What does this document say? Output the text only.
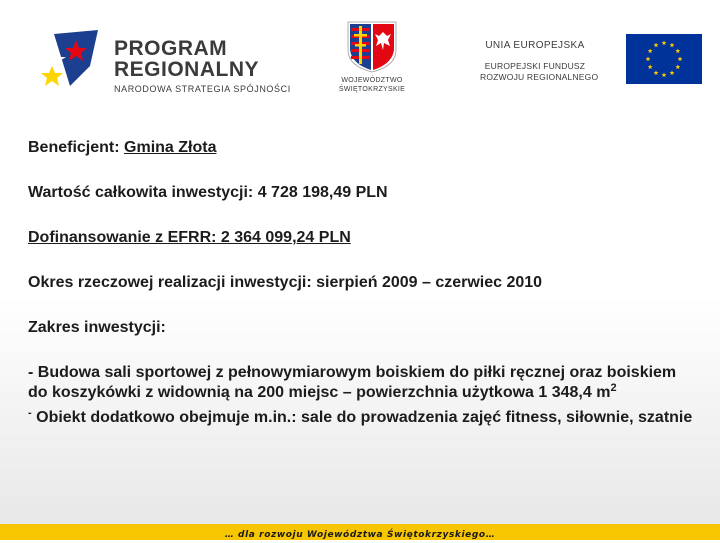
PROGRAM
REGIONALNY
NARODOWA STRATEGIA SPÓJNOŚCI
WOJEWÓDZTWO
ŚWIĘTOKRZYSKIE
UNIA EUROPEJSKA
EUROPEJSKI FUNDUSZ
ROZWOJU REGIONALNEGO

Beneficjent: Gmina Złota

Wartość całkowita inwestycji: 4 728 198,49 PLN

Dofinansowanie z EFRR: 2 364 099,24 PLN

Okres rzeczowej realizacji inwestycji: sierpień 2009 – czerwiec 2010

Zakres inwestycji:

- Budowa sali sportowej z pełnowymiarowym boiskiem do piłki ręcznej oraz boiskiem do koszykówki z widownią na 200 miejsc – powierzchnia użytkowa 1 348,4 $m^2$

- Obiekt dodatkowo obejmuje m.in.: sale do prowadzenia zajęć fitness, siłownie, szatnie

… dla rozwoju Województwa Świętokrzyskiego…
